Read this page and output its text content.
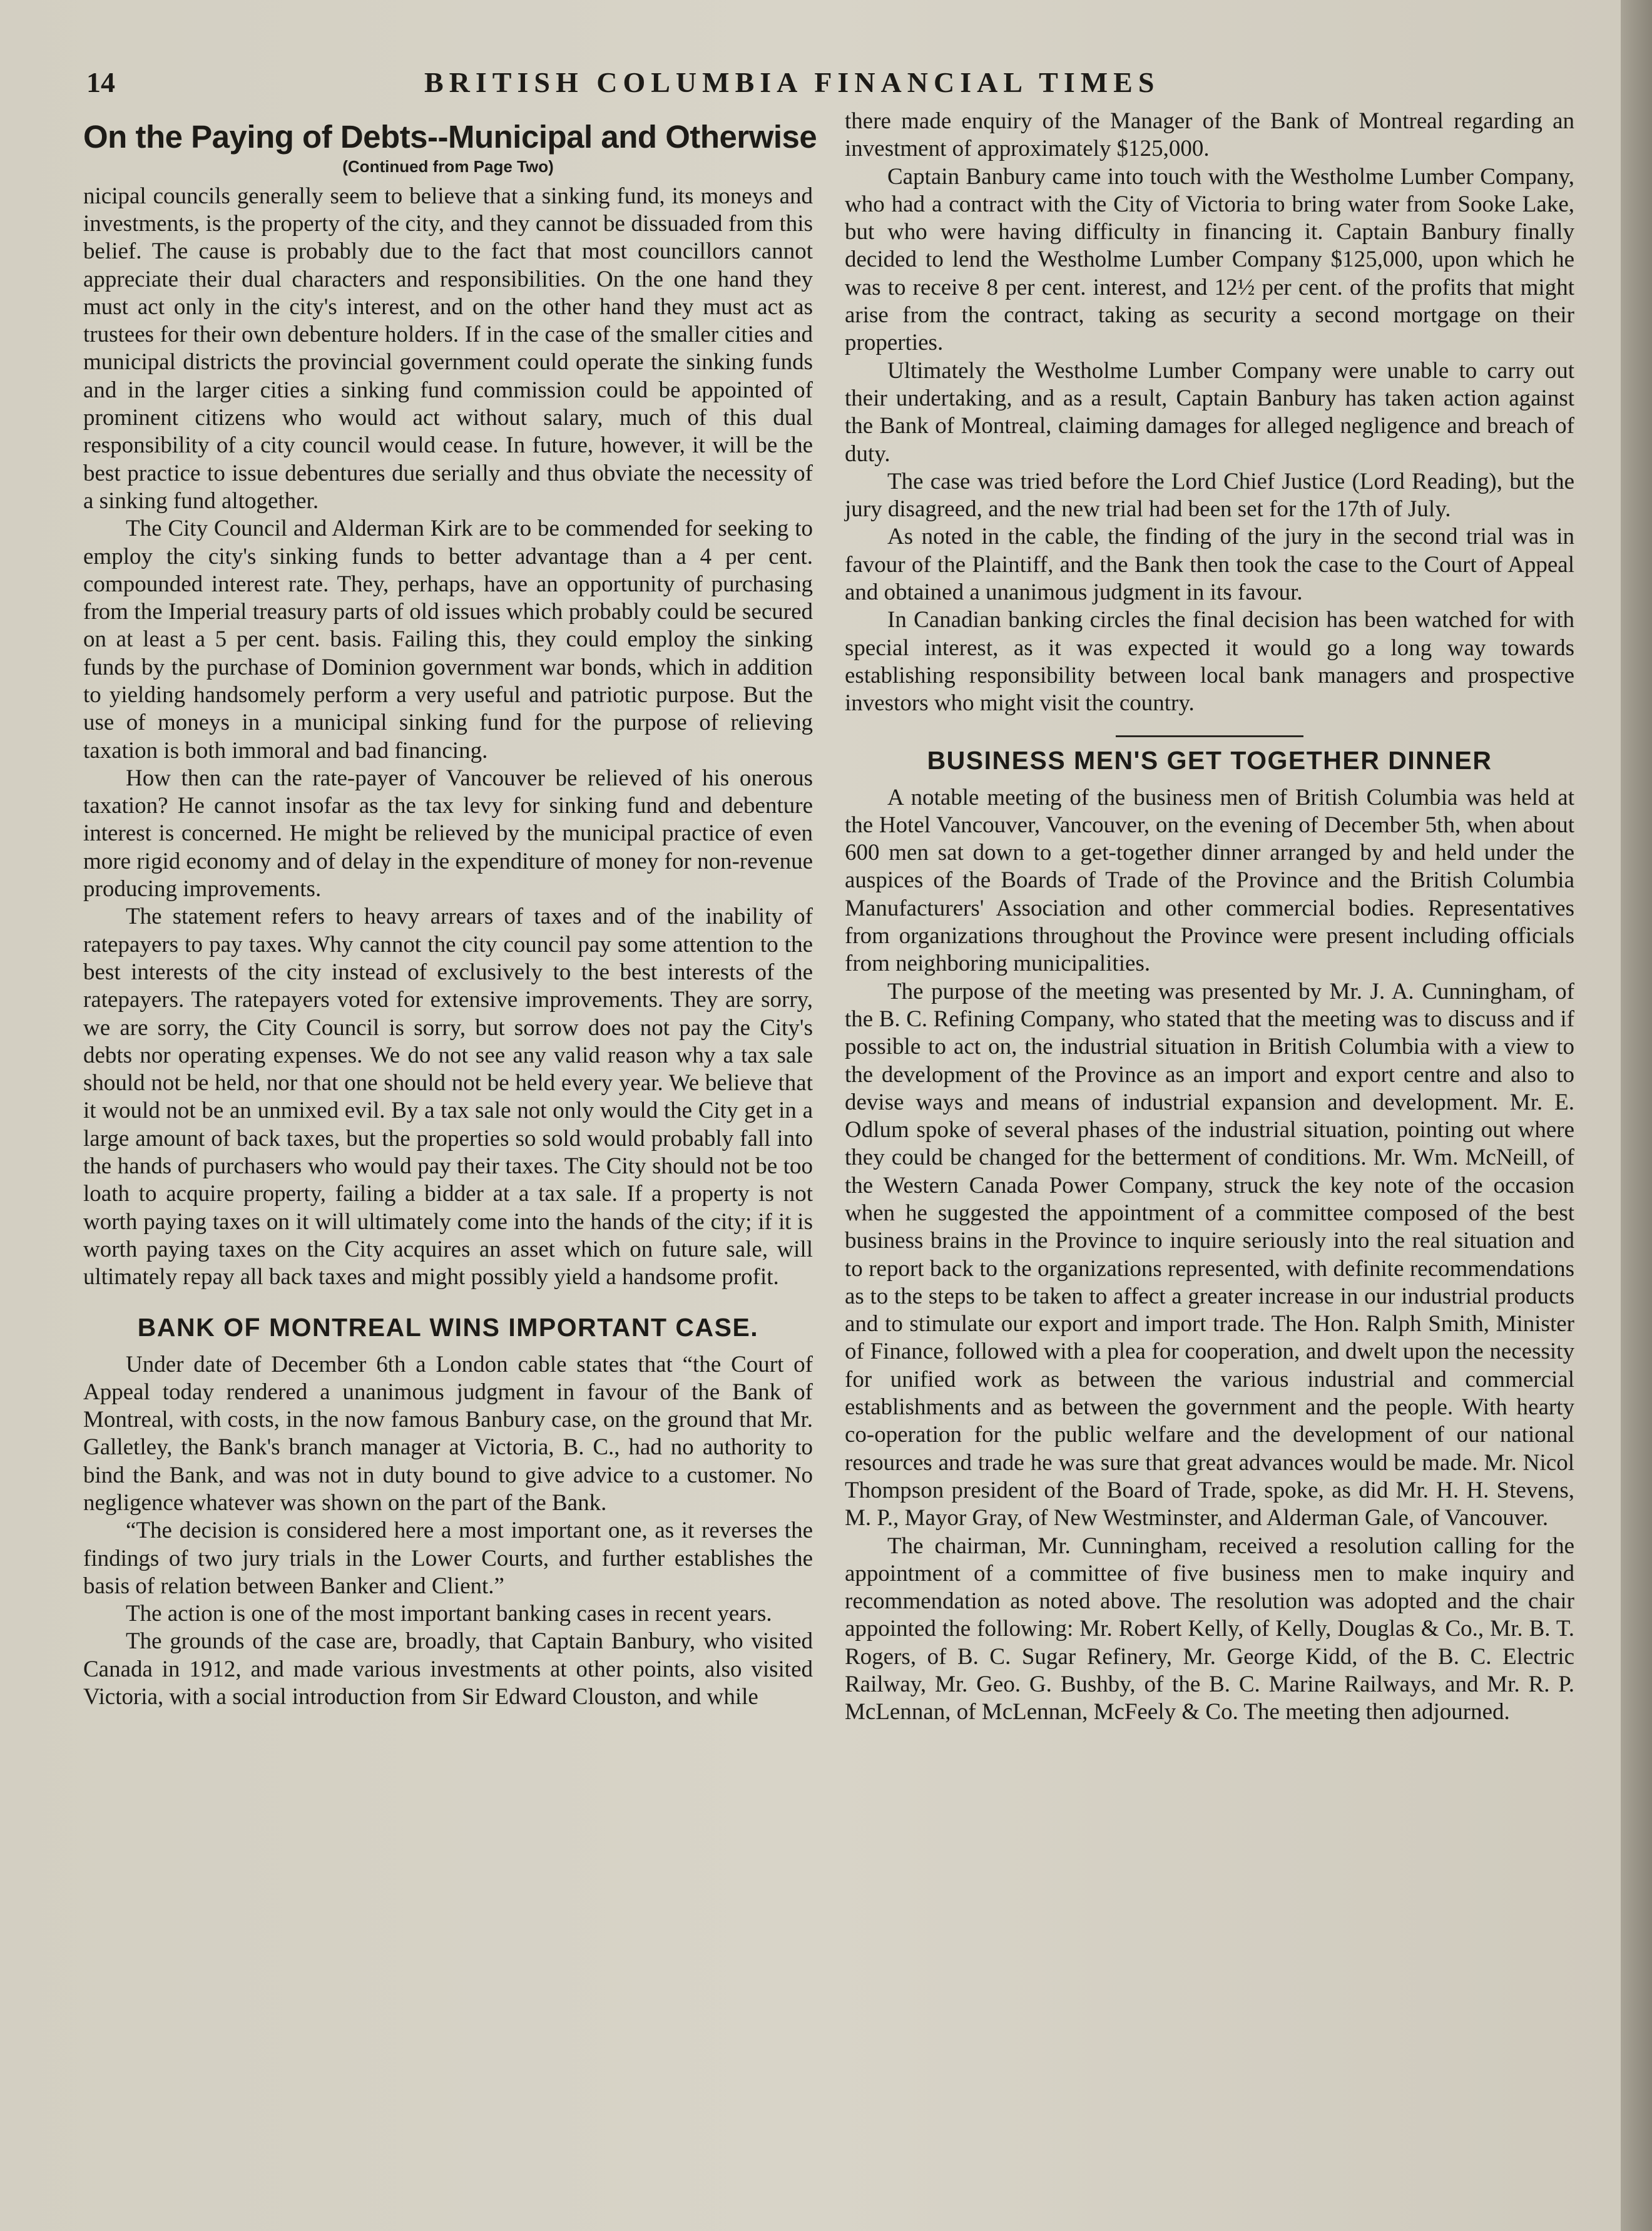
14	BRITISH COLUMBIA FINANCIAL TIMES
On the Paying of Debts--Municipal and Otherwise
(Continued from Page Two)

nicipal councils generally seem to believe that a sinking fund, its moneys and investments, is the property of the city, and they cannot be dissuaded from this belief. The cause is probably due to the fact that most councillors cannot appreciate their dual characters and responsibilities. On the one hand they must act only in the city's interest, and on the other hand they must act as trustees for their own debenture holders. If in the case of the smaller cities and municipal districts the provincial government could operate the sinking funds and in the larger cities a sinking fund commission could be appointed of prominent citizens who would act without salary, much of this dual responsibility of a city council would cease. In future, however, it will be the best practice to issue debentures due serially and thus obviate the necessity of a sinking fund altogether.

The City Council and Alderman Kirk are to be commended for seeking to employ the city's sinking funds to better advantage than a 4 per cent. compounded interest rate. They, perhaps, have an opportunity of purchasing from the Imperial treasury parts of old issues which probably could be secured on at least a 5 per cent. basis. Failing this, they could employ the sinking funds by the purchase of Dominion government war bonds, which in addition to yielding handsomely perform a very useful and patriotic purpose. But the use of moneys in a municipal sinking fund for the purpose of relieving taxation is both immoral and bad financing.

How then can the rate-payer of Vancouver be relieved of his onerous taxation? He cannot insofar as the tax levy for sinking fund and debenture interest is concerned. He might be relieved by the municipal practice of even more rigid economy and of delay in the expenditure of money for non-revenue producing improvements.

The statement refers to heavy arrears of taxes and of the inability of ratepayers to pay taxes. Why cannot the city council pay some attention to the best interests of the city instead of exclusively to the best interests of the ratepayers. The ratepayers voted for extensive improvements. They are sorry, we are sorry, the City Council is sorry, but sorrow does not pay the City's debts nor operating expenses. We do not see any valid reason why a tax sale should not be held, nor that one should not be held every year. We believe that it would not be an unmixed evil. By a tax sale not only would the City get in a large amount of back taxes, but the properties so sold would probably fall into the hands of purchasers who would pay their taxes. The City should not be too loath to acquire property, failing a bidder at a tax sale. If a property is not worth paying taxes on it will ultimately come into the hands of the city; if it is worth paying taxes on the City acquires an asset which on future sale, will ultimately repay all back taxes and might possibly yield a handsome profit.

BANK OF MONTREAL WINS IMPORTANT CASE.

Under date of December 6th a London cable states that “the Court of Appeal today rendered a unanimous judgment in favour of the Bank of Montreal, with costs, in the now famous Banbury case, on the ground that Mr. Galletley, the Bank's branch manager at Victoria, B. C., had no authority to bind the Bank, and was not in duty bound to give advice to a customer. No negligence whatever was shown on the part of the Bank.

“The decision is considered here a most important one, as it reverses the findings of two jury trials in the Lower Courts, and further establishes the basis of relation between Banker and Client.”

The action is one of the most important banking cases in recent years.

The grounds of the case are, broadly, that Captain Banbury, who visited Canada in 1912, and made various investments at other points, also visited Victoria, with a social introduction from Sir Edward Clouston, and while

there made enquiry of the Manager of the Bank of Montreal regarding an investment of approximately $125,000.

Captain Banbury came into touch with the Westholme Lumber Company, who had a contract with the City of Victoria to bring water from Sooke Lake, but who were having difficulty in financing it. Captain Banbury finally decided to lend the Westholme Lumber Company $125,000, upon which he was to receive 8 per cent. interest, and 12½ per cent. of the profits that might arise from the contract, taking as security a second mortgage on their properties.

Ultimately the Westholme Lumber Company were unable to carry out their undertaking, and as a result, Captain Banbury has taken action against the Bank of Montreal, claiming damages for alleged negligence and breach of duty.

The case was tried before the Lord Chief Justice (Lord Reading), but the jury disagreed, and the new trial had been set for the 17th of July.

As noted in the cable, the finding of the jury in the second trial was in favour of the Plaintiff, and the Bank then took the case to the Court of Appeal and obtained a unanimous judgment in its favour.

In Canadian banking circles the final decision has been watched for with special interest, as it was expected it would go a long way towards establishing responsibility between local bank managers and prospective investors who might visit the country.

BUSINESS MEN'S GET TOGETHER DINNER

A notable meeting of the business men of British Columbia was held at the Hotel Vancouver, Vancouver, on the evening of December 5th, when about 600 men sat down to a get-together dinner arranged by and held under the auspices of the Boards of Trade of the Province and the British Columbia Manufacturers' Association and other commercial bodies. Representatives from organizations throughout the Province were present including officials from neighboring municipalities.

The purpose of the meeting was presented by Mr. J. A. Cunningham, of the B. C. Refining Company, who stated that the meeting was to discuss and if possible to act on, the industrial situation in British Columbia with a view to the development of the Province as an import and export centre and also to devise ways and means of industrial expansion and development. Mr. E. Odlum spoke of several phases of the industrial situation, pointing out where they could be changed for the betterment of conditions. Mr. Wm. McNeill, of the Western Canada Power Company, struck the key note of the occasion when he suggested the appointment of a committee composed of the best business brains in the Province to inquire seriously into the real situation and to report back to the organizations represented, with definite recommendations as to the steps to be taken to affect a greater increase in our industrial products and to stimulate our export and import trade. The Hon. Ralph Smith, Minister of Finance, followed with a plea for cooperation, and dwelt upon the necessity for unified work as between the various industrial and commercial establishments and as between the government and the people. With hearty co-operation for the public welfare and the development of our national resources and trade he was sure that great advances would be made. Mr. Nicol Thompson president of the Board of Trade, spoke, as did Mr. H. H. Stevens, M. P., Mayor Gray, of New Westminster, and Alderman Gale, of Vancouver.

The chairman, Mr. Cunningham, received a resolution calling for the appointment of a committee of five business men to make inquiry and recommendation as noted above. The resolution was adopted and the chair appointed the following: Mr. Robert Kelly, of Kelly, Douglas & Co., Mr. B. T. Rogers, of B. C. Sugar Refinery, Mr. George Kidd, of the B. C. Electric Railway, Mr. Geo. G. Bushby, of the B. C. Marine Railways, and Mr. R. P. McLennan, of McLennan, McFeely & Co. The meeting then adjourned.
